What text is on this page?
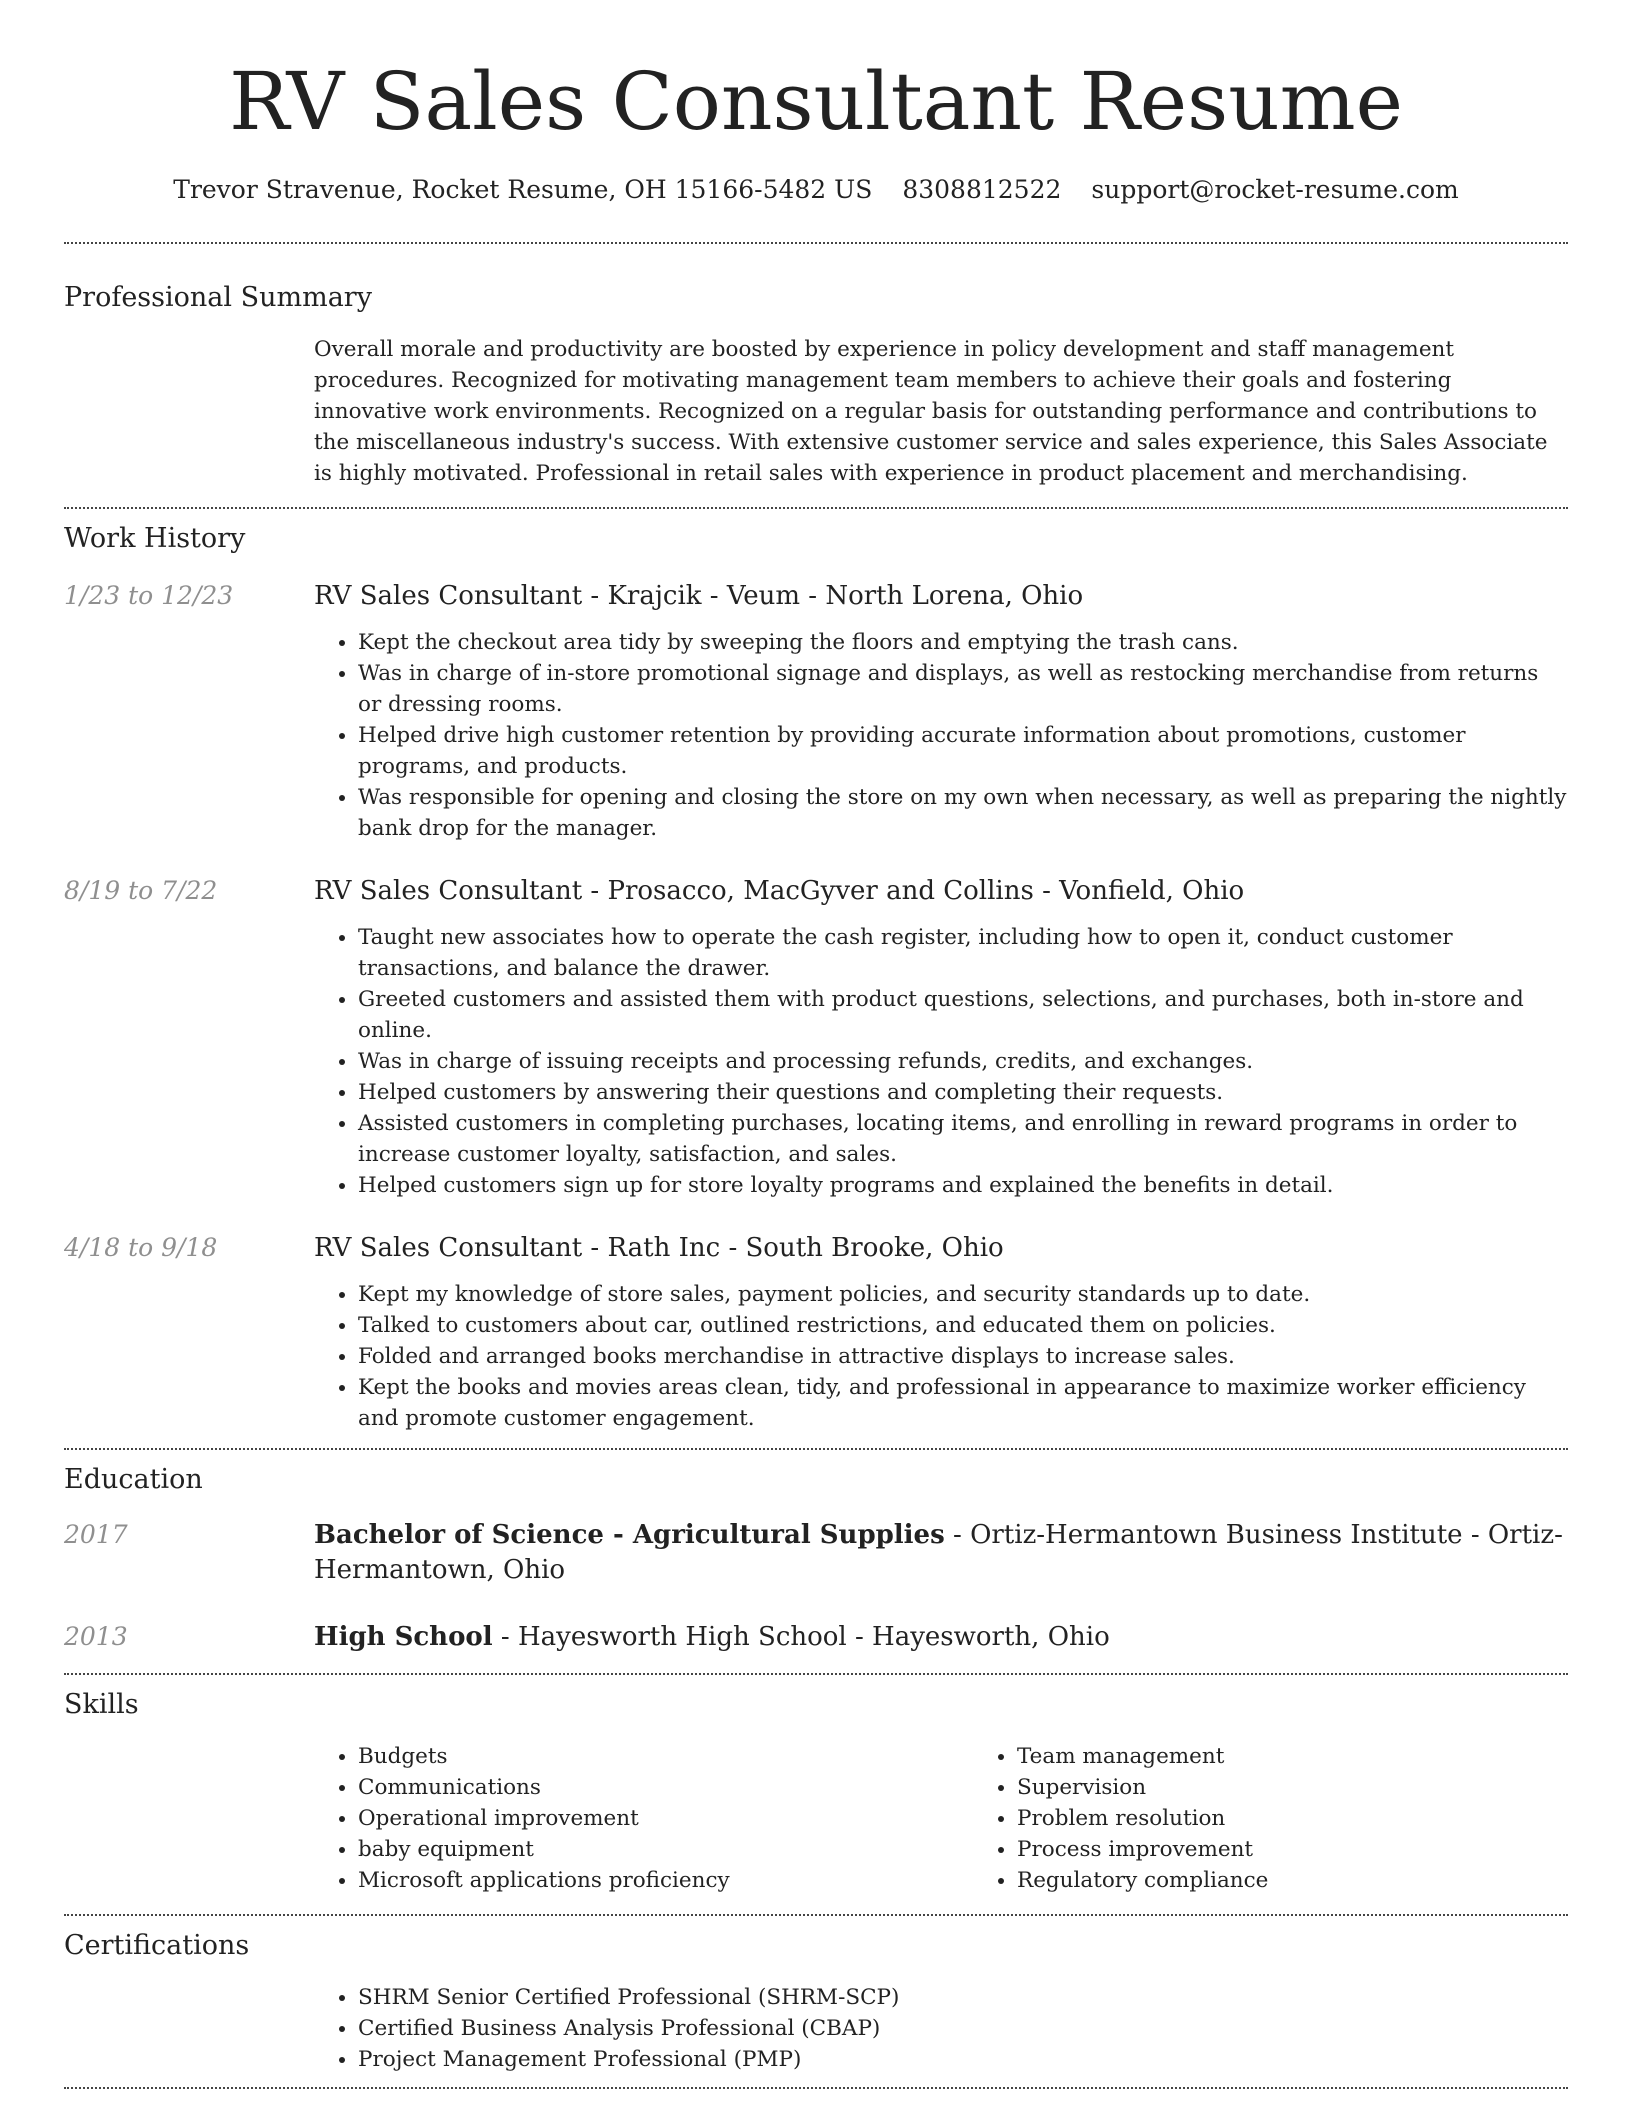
RV Sales Consultant Resume
Trevor Stravenue, Rocket Resume, OH 15166-5482 US 8308812522 support@rocket-resume.com
Professional Summary

Overall morale and productivity are boosted by experience in policy development and staff management procedures. Recognized for motivating management team members to achieve their goals and fostering innovative work environments. Recognized on a regular basis for outstanding performance and contributions to the miscellaneous industry's success. With extensive customer service and sales experience, this Sales Associate is highly motivated. Professional in retail sales with experience in product placement and merchandising.

Work History
1/23 to 12/23	RV Sales Consultant - Krajcik - Veum - North Lorena, Ohio
• Kept the checkout area tidy by sweeping the floors and emptying the trash cans.
• Was in charge of in-store promotional signage and displays, as well as restocking merchandise from returns or dressing rooms.
• Helped drive high customer retention by providing accurate information about promotions, customer programs, and products.
• Was responsible for opening and closing the store on my own when necessary, as well as preparing the nightly bank drop for the manager.
8/19 to 7/22	RV Sales Consultant - Prosacco, MacGyver and Collins - Vonfield, Ohio
• Taught new associates how to operate the cash register, including how to open it, conduct customer transactions, and balance the drawer.
• Greeted customers and assisted them with product questions, selections, and purchases, both in-store and online.
• Was in charge of issuing receipts and processing refunds, credits, and exchanges.
• Helped customers by answering their questions and completing their requests.
• Assisted customers in completing purchases, locating items, and enrolling in reward programs in order to increase customer loyalty, satisfaction, and sales.
• Helped customers sign up for store loyalty programs and explained the benefits in detail.
4/18 to 9/18	RV Sales Consultant - Rath Inc - South Brooke, Ohio
• Kept my knowledge of store sales, payment policies, and security standards up to date.
• Talked to customers about car, outlined restrictions, and educated them on policies.
• Folded and arranged books merchandise in attractive displays to increase sales.
• Kept the books and movies areas clean, tidy, and professional in appearance to maximize worker efficiency and promote customer engagement.
Education
2017	Bachelor of Science - Agricultural Supplies - Ortiz-Hermantown Business Institute - Ortiz-Hermantown, Ohio
2013	High School - Hayesworth High School - Hayesworth, Ohio
Skills
• Budgets
• Communications
• Operational improvement
• baby equipment
• Microsoft applications proficiency
• Team management
• Supervision
• Problem resolution
• Process improvement
• Regulatory compliance
Certifications
• SHRM Senior Certified Professional (SHRM-SCP)
• Certified Business Analysis Professional (CBAP)
• Project Management Professional (PMP)
